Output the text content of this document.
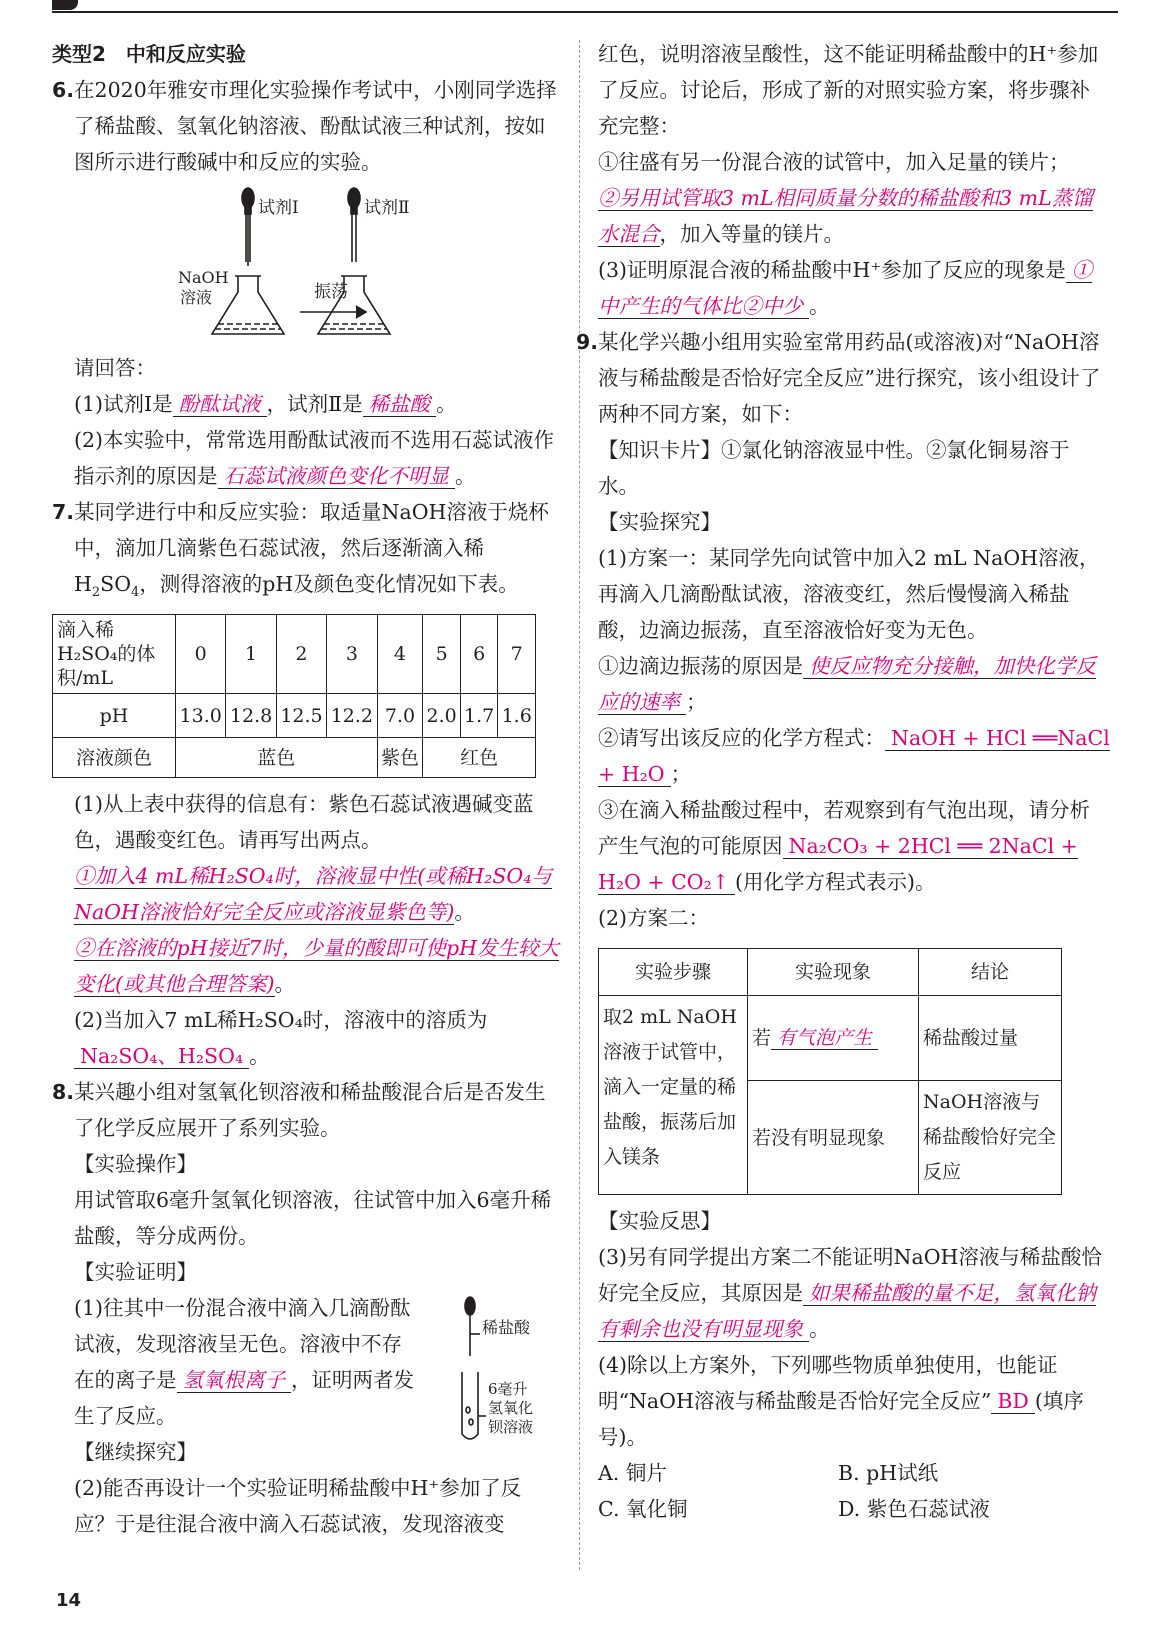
类型2　中和反应实验

6.在2020年雅安市理化实验操作考试中，小刚同学选择了稀盐酸、氢氧化钠溶液、酚酞试液三种试剂，按如图所示进行酸碱中和反应的实验。

试剂Ⅰ	试剂Ⅱ
NaOH
溶液	振荡

请回答：

(1)试剂Ⅰ是 酚酞试液 ，试剂Ⅱ是 稀盐酸 。

(2)本实验中，常常选用酚酞试液而不选用石蕊试液作指示剂的原因是 石蕊试液颜色变化不明显 。

7.某同学进行中和反应实验：取适量NaOH溶液于烧杯中，滴加几滴紫色石蕊试液，然后逐渐滴入稀$H_2SO_4$，测得溶液的pH及颜色变化情况如下表。

滴入稀H₂SO₄的体积/mL	0	1	2	3	4	5	6	7
pH	13.0	12.8	12.5	12.2	7.0	2.0	1.7	1.6
溶液颜色	蓝色				紫色	红色		

(1)从上表中获得的信息有：紫色石蕊试液遇碱变蓝色，遇酸变红色。请再写出两点。

①加入4 mL稀H₂SO₄时，溶液显中性(或稀H₂SO₄与NaOH溶液恰好完全反应或溶液显紫色等)。

②在溶液的pH接近7时，少量的酸即可使pH发生较大变化(或其他合理答案)。

(2)当加入7 mL稀H₂SO₄时，溶液中的溶质为

Na₂SO₄、H₂SO₄ 。

8.某兴趣小组对氢氧化钡溶液和稀盐酸混合后是否发生了化学反应展开了系列实验。

【实验操作】

用试管取6毫升氢氧化钡溶液，往试管中加入6毫升稀盐酸，等分成两份。

【实验证明】

(1)往其中一份混合液中滴入几滴酚酞试液，发现溶液呈无色。溶液中不存在的离子是 氢氧根离子 ，证明两者发生了反应。

稀盐酸
6毫升
氢氧化
钡溶液

【继续探究】

(2)能否再设计一个实验证明稀盐酸中H⁺参加了反应？于是往混合液中滴入石蕊试液，发现溶液变

红色，说明溶液呈酸性，这不能证明稀盐酸中的H⁺参加了反应。讨论后，形成了新的对照实验方案，将步骤补充完整：

①往盛有另一份混合液的试管中，加入足量的镁片；

②另用试管取3 mL相同质量分数的稀盐酸和3 mL蒸馏水混合，加入等量的镁片。

(3)证明原混合液的稀盐酸中H⁺参加了反应的现象是 ①中产生的气体比②中少 。

9.某化学兴趣小组用实验室常用药品(或溶液)对“NaOH溶液与稀盐酸是否恰好完全反应”进行探究，该小组设计了两种不同方案，如下：

【知识卡片】①氯化钠溶液显中性。②氯化铜易溶于水。

【实验探究】

(1)方案一：某同学先向试管中加入2 mL NaOH溶液，再滴入几滴酚酞试液，溶液变红，然后慢慢滴入稀盐酸，边滴边振荡，直至溶液恰好变为无色。

①边滴边振荡的原因是 使反应物充分接触，加快化学反应的速率 ；

②请写出该反应的化学方程式： NaOH + HCl ══NaCl + H₂O ；

③在滴入稀盐酸过程中，若观察到有气泡出现，请分析产生气泡的可能原因 Na₂CO₃ + 2HCl ══ 2NaCl + H₂O + CO₂↑ (用化学方程式表示)。

(2)方案二：

实验步骤	实验现象	结论
取2 mL NaOH溶液于试管中，滴入一定量的稀盐酸，振荡后加入镁条	若 有气泡产生	稀盐酸过量
	若没有明显现象	NaOH溶液与稀盐酸恰好完全反应

【实验反思】

(3)另有同学提出方案二不能证明NaOH溶液与稀盐酸恰好完全反应，其原因是 如果稀盐酸的量不足，氢氧化钠有剩余也没有明显现象 。

(4)除以上方案外，下列哪些物质单独使用，也能证明“NaOH溶液与稀盐酸是否恰好完全反应” BD (填序号)。

A. 铜片	B. pH试纸
C. 氧化铜	D. 紫色石蕊试液
14
